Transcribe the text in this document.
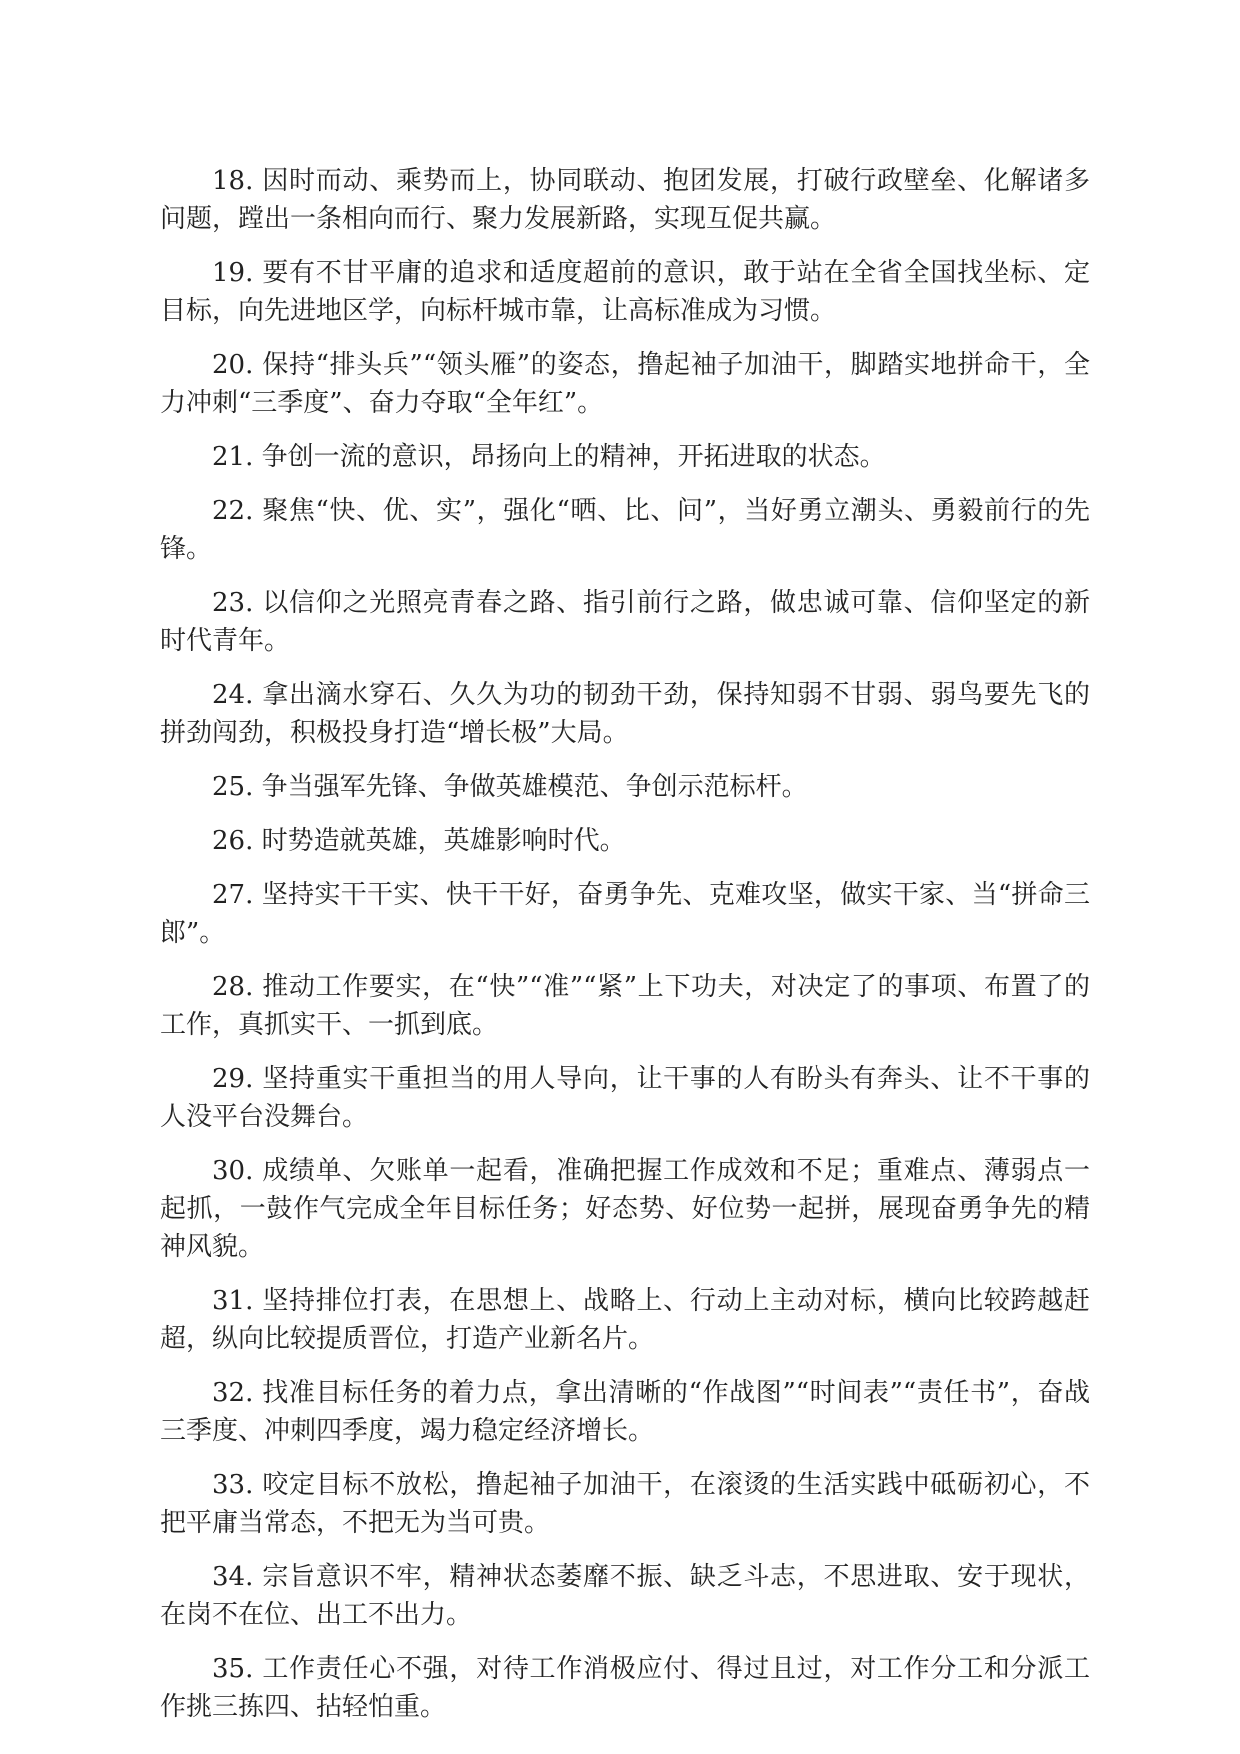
18. 因时而动、乘势而上，协同联动、抱团发展，打破行政壁垒、化解诸多问题，蹚出一条相向而行、聚力发展新路，实现互促共赢。

19. 要有不甘平庸的追求和适度超前的意识，敢于站在全省全国找坐标、定目标，向先进地区学，向标杆城市靠，让高标准成为习惯。

20. 保持“排头兵”“领头雁”的姿态，撸起袖子加油干，脚踏实地拼命干，全力冲刺“三季度”、奋力夺取“全年红”。

21. 争创一流的意识，昂扬向上的精神，开拓进取的状态。

22. 聚焦“快、优、实”，强化“晒、比、问”，当好勇立潮头、勇毅前行的先锋。

23. 以信仰之光照亮青春之路、指引前行之路，做忠诚可靠、信仰坚定的新时代青年。

24. 拿出滴水穿石、久久为功的韧劲干劲，保持知弱不甘弱、弱鸟要先飞的拼劲闯劲，积极投身打造“增长极”大局。

25. 争当强军先锋、争做英雄模范、争创示范标杆。

26. 时势造就英雄，英雄影响时代。

27. 坚持实干干实、快干干好，奋勇争先、克难攻坚，做实干家、当“拼命三郎”。

28. 推动工作要实，在“快”“准”“紧”上下功夫，对决定了的事项、布置了的工作，真抓实干、一抓到底。

29. 坚持重实干重担当的用人导向，让干事的人有盼头有奔头、让不干事的人没平台没舞台。

30. 成绩单、欠账单一起看，准确把握工作成效和不足；重难点、薄弱点一起抓，一鼓作气完成全年目标任务；好态势、好位势一起拼，展现奋勇争先的精神风貌。

31. 坚持排位打表，在思想上、战略上、行动上主动对标，横向比较跨越赶超，纵向比较提质晋位，打造产业新名片。

32. 找准目标任务的着力点，拿出清晰的“作战图”“时间表”“责任书”，奋战三季度、冲刺四季度，竭力稳定经济增长。

33. 咬定目标不放松，撸起袖子加油干，在滚烫的生活实践中砥砺初心，不把平庸当常态，不把无为当可贵。

34. 宗旨意识不牢，精神状态萎靡不振、缺乏斗志，不思进取、安于现状，在岗不在位、出工不出力。

35. 工作责任心不强，对待工作消极应付、得过且过，对工作分工和分派工作挑三拣四、拈轻怕重。
